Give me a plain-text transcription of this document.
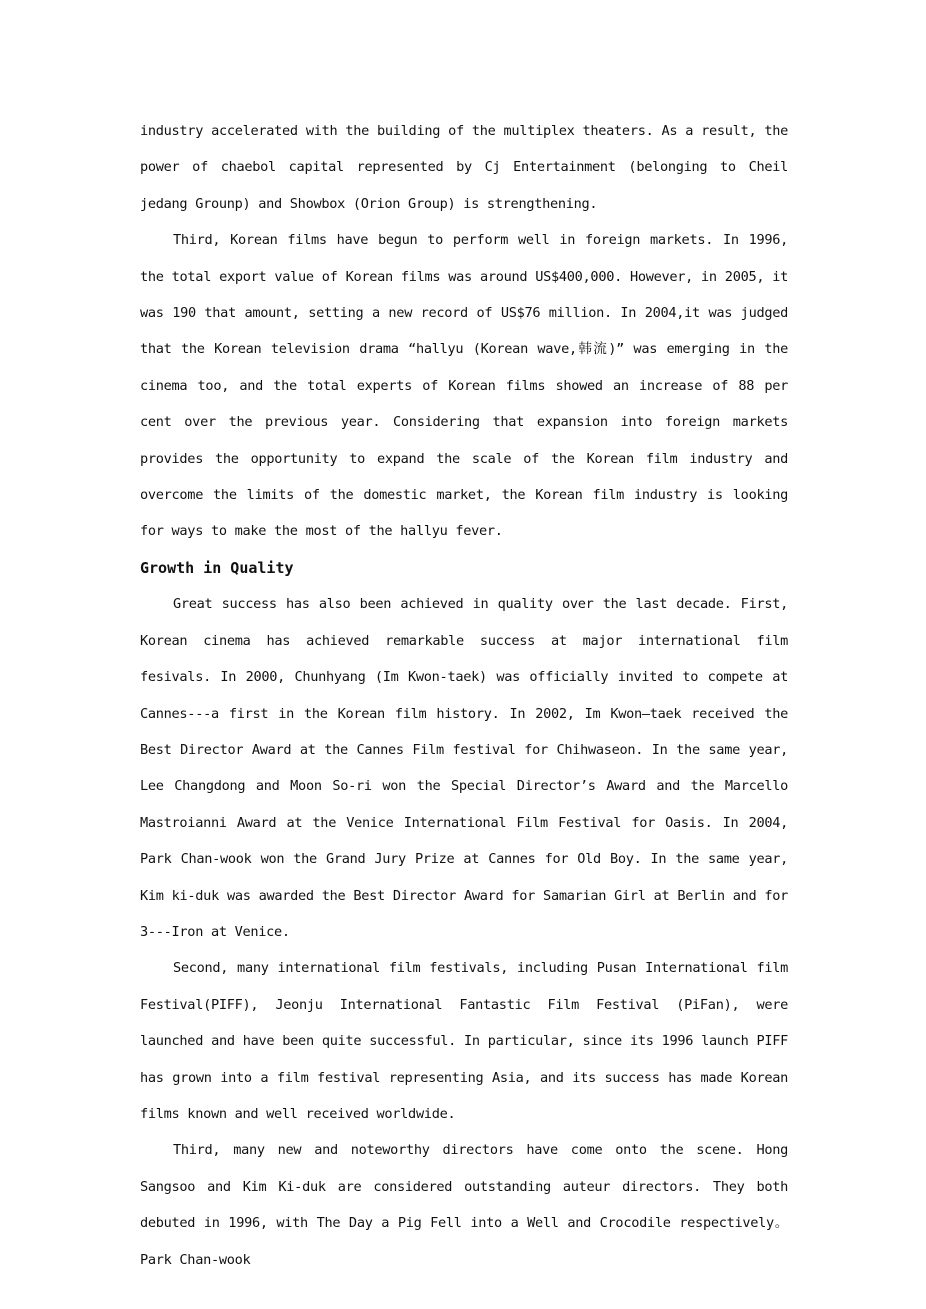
industry accelerated with the building of the multiplex theaters. As a result, the power of chaebol capital represented by Cj Entertainment (belonging to Cheil jedang Grounp) and Showbox (Orion Group) is strengthening.

Third, Korean films have begun to perform well in foreign markets. In 1996, the total export value of Korean films was around US$400,000. However, in 2005, it was 190 that amount, setting a new record of US$76 million. In 2004,it was judged that the Korean television drama “hallyu (Korean wave,韩流)” was emerging in the cinema too, and the total experts of Korean films showed an increase of 88 per cent over the previous year. Considering that expansion into foreign markets provides the opportunity to expand the scale of the Korean film industry and overcome the limits of the domestic market, the Korean film industry is looking for ways to make the most of the hallyu fever.

Growth in Quality

Great success has also been achieved in quality over the last decade. First, Korean cinema has achieved remarkable success at major international film fesivals. In 2000, Chunhyang (Im Kwon-taek) was officially invited to compete at Cannes---a first in the Korean film history. In 2002, Im Kwon—taek received the Best Director Award at the Cannes Film festival for Chihwaseon. In the same year, Lee Changdong and Moon So-ri won the Special Director’s Award and the Marcello Mastroianni Award at the Venice International Film Festival for Oasis. In 2004, Park Chan-wook won the Grand Jury Prize at Cannes for Old Boy. In the same year, Kim ki-duk was awarded the Best Director Award for Samarian Girl at Berlin and for 3---Iron at Venice.

Second, many international film festivals, including Pusan International film Festival(PIFF), Jeonju International Fantastic Film Festival (PiFan), were launched and have been quite successful. In particular, since its 1996 launch PIFF has grown into a film festival representing Asia, and its success has made Korean films known and well received worldwide.

Third, many new and noteworthy directors have come onto the scene. Hong Sangsoo and Kim Ki-duk are considered outstanding auteur directors. They both debuted in 1996, with The Day a Pig Fell into a Well and Crocodile respectively。Park Chan-wook
